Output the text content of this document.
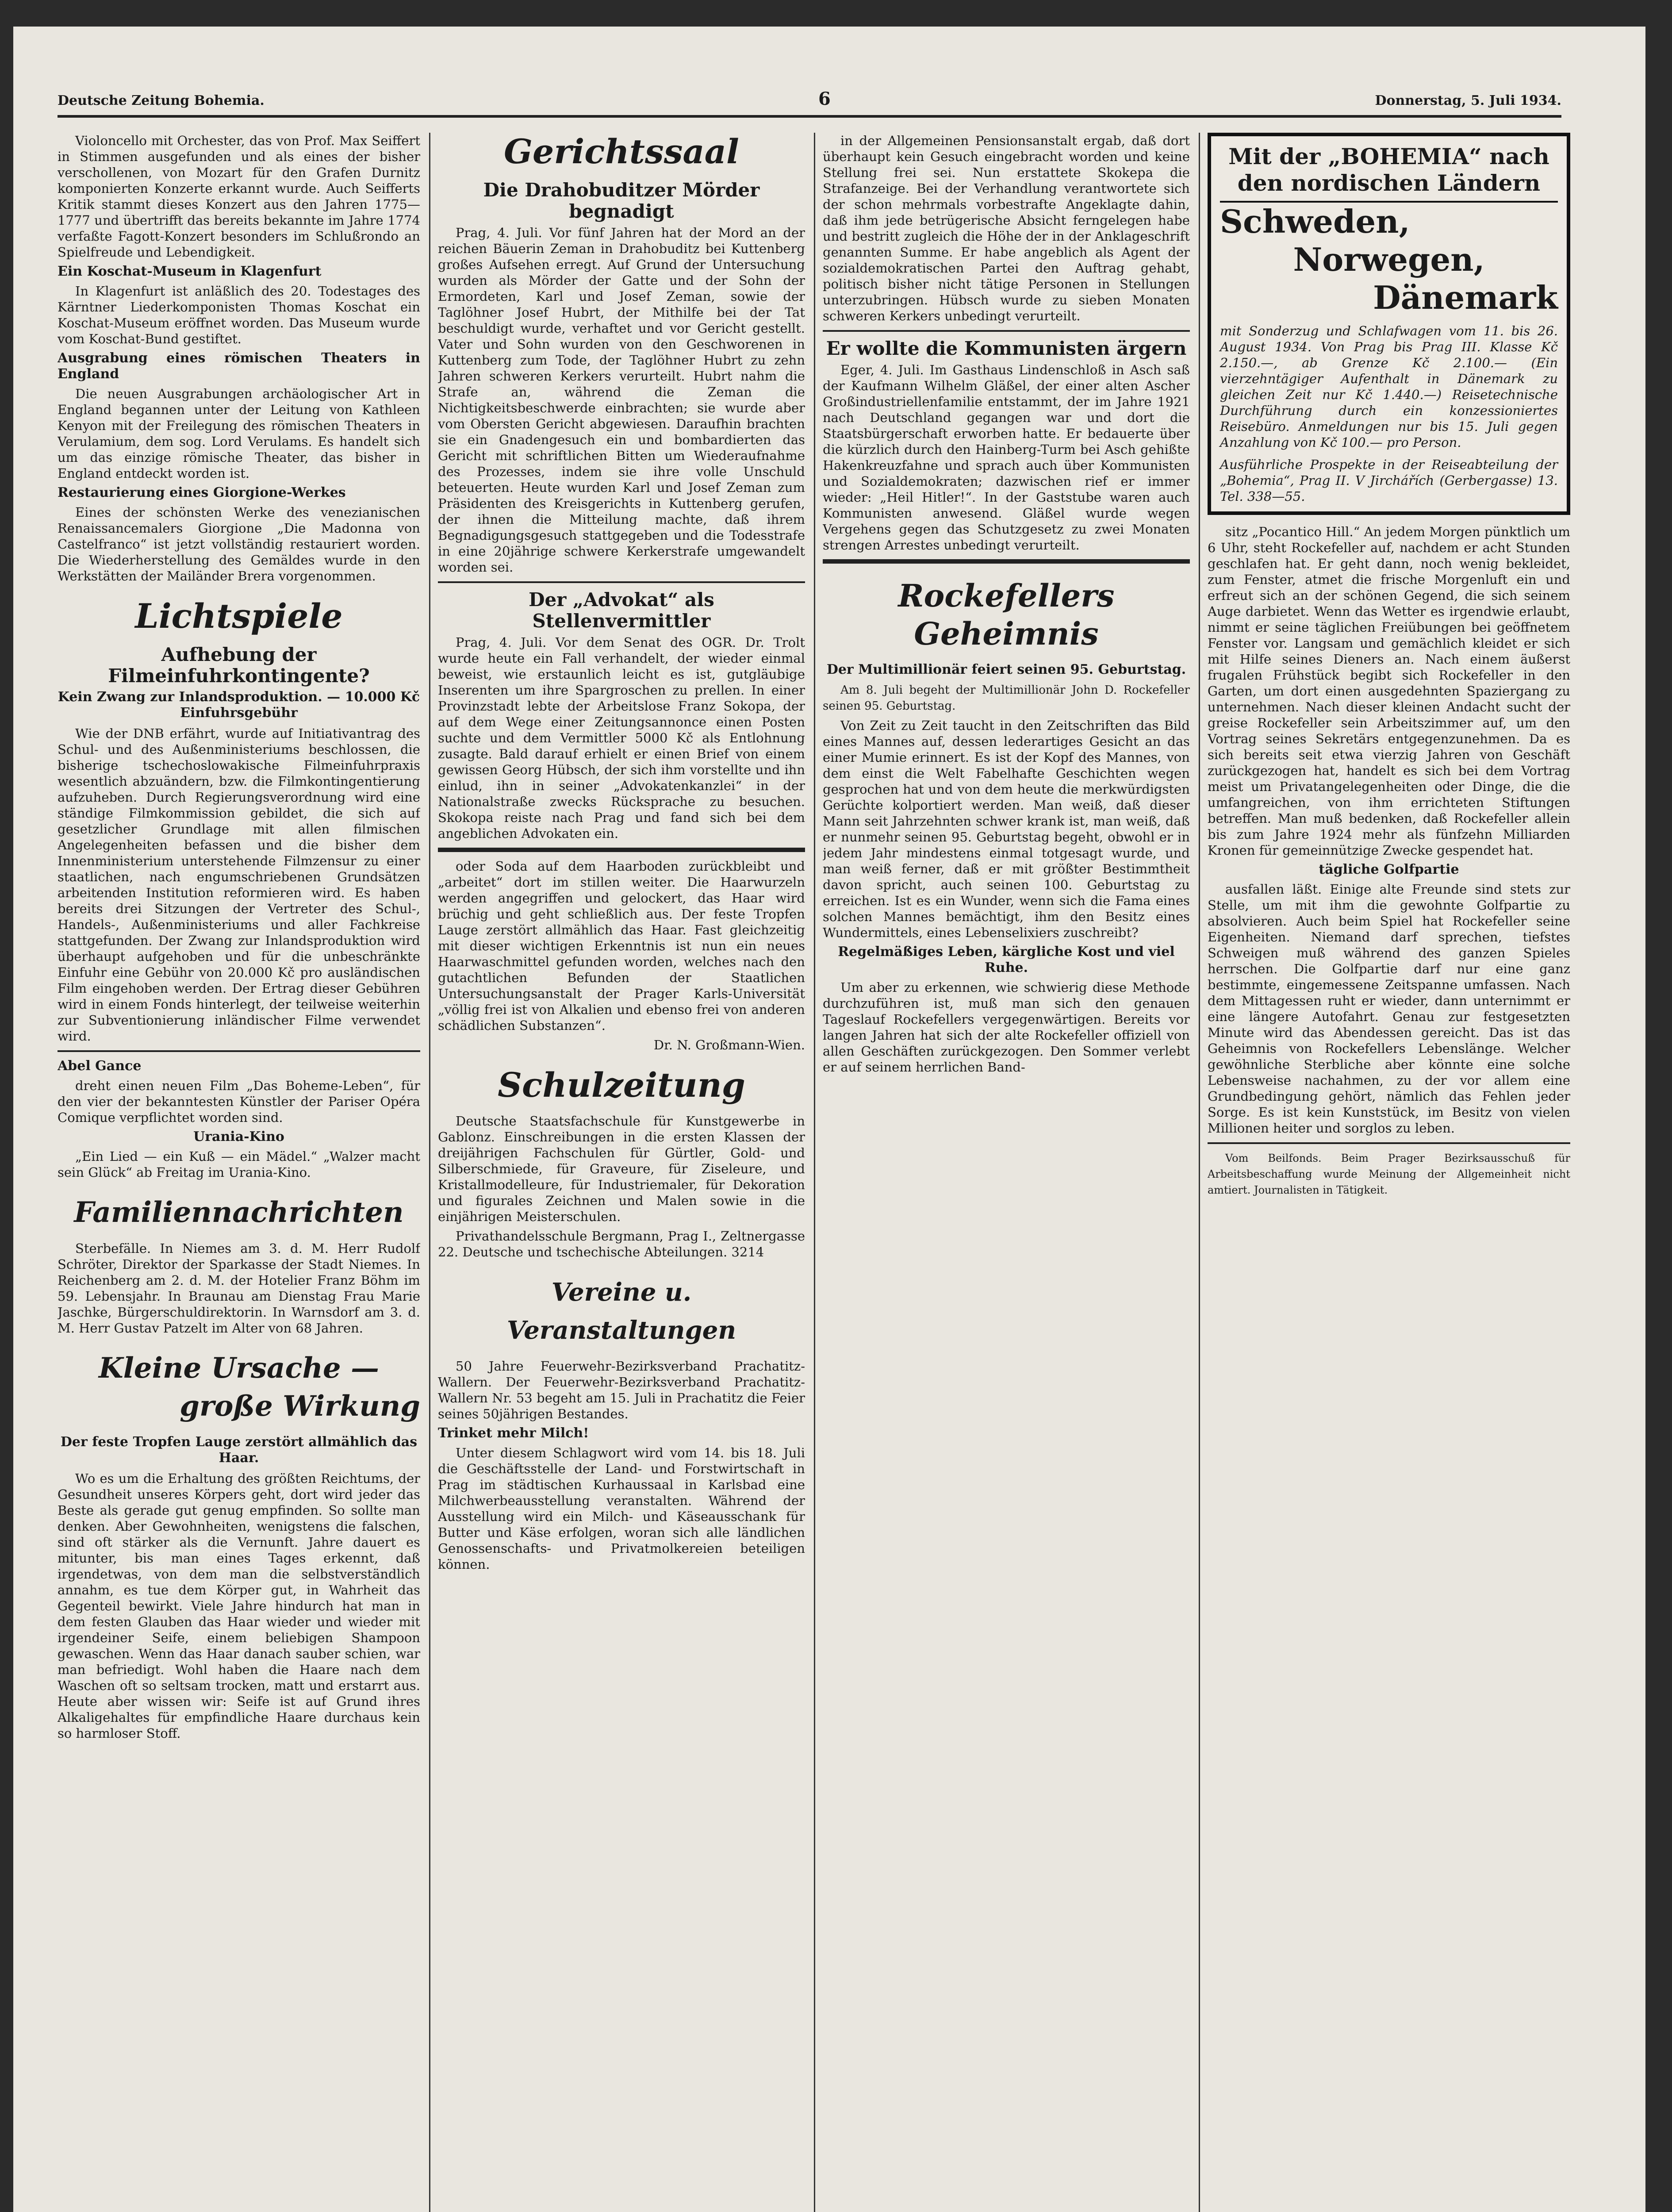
Deutsche Zeitung Bohemia.	6	Donnerstag, 5. Juli 1934.

Violoncello mit Orchester, das von Prof. Max Seiffert in Stimmen ausgefunden und als eines der bisher verschollenen, von Mozart für den Grafen Durnitz komponierten Konzerte erkannt wurde. Auch Seifferts Kritik stammt dieses Konzert aus den Jahren 1775—1777 und übertrifft das bereits bekannte im Jahre 1774 verfaßte Fagott-Konzert besonders im Schlußrondo an Spielfreude und Lebendigkeit.

Ein Koschat-Museum in Klagenfurt

In Klagenfurt ist anläßlich des 20. Todestages des Kärntner Liederkomponisten Thomas Koschat ein Koschat-Museum eröffnet worden. Das Museum wurde vom Koschat-Bund gestiftet.

Ausgrabung eines römischen Theaters in England

Die neuen Ausgrabungen archäologischer Art in England begannen unter der Leitung von Kathleen Kenyon mit der Freilegung des römischen Theaters in Verulamium, dem sog. Lord Verulams. Es handelt sich um das einzige römische Theater, das bisher in England entdeckt worden ist.

Restaurierung eines Giorgione-Werkes

Eines der schönsten Werke des venezianischen Renaissancemalers Giorgione „Die Madonna von Castelfranco“ ist jetzt vollständig restauriert worden. Die Wiederherstellung des Gemäldes wurde in den Werkstätten der Mailänder Brera vorgenommen.

Lichtspiele
Aufhebung der Filmeinfuhrkontingente?
Kein Zwang zur Inlandsproduktion. — 10.000 Kč Einfuhrsgebühr

Wie der DNB erfährt, wurde auf Initiativantrag des Schul- und des Außenministeriums beschlossen, die bisherige tschechoslowakische Filmeinfuhrpraxis wesentlich abzuändern, bzw. die Filmkontingentierung aufzuheben. Durch Regierungsverordnung wird eine ständige Filmkommission gebildet, die sich auf gesetzlicher Grundlage mit allen filmischen Angelegenheiten befassen und die bisher dem Innenministerium unterstehende Filmzensur zu einer staatlichen, nach engumschriebenen Grundsätzen arbeitenden Institution reformieren wird. Es haben bereits drei Sitzungen der Vertreter des Schul-, Handels-, Außenministeriums und aller Fachkreise stattgefunden. Der Zwang zur Inlandsproduktion wird überhaupt aufgehoben und für die unbeschränkte Einfuhr eine Gebühr von 20.000 Kč pro ausländischen Film eingehoben werden. Der Ertrag dieser Gebühren wird in einem Fonds hinterlegt, der teilweise weiterhin zur Subventionierung inländischer Filme verwendet wird.

Abel Gance

dreht einen neuen Film „Das Boheme-Leben“, für den vier der bekanntesten Künstler der Pariser Opéra Comique verpflichtet worden sind.

Urania-Kino

„Ein Lied — ein Kuß — ein Mädel.“ „Walzer macht sein Glück“ ab Freitag im Urania-Kino.

Familiennachrichten

Sterbefälle. In Niemes am 3. d. M. Herr Rudolf Schröter, Direktor der Sparkasse der Stadt Niemes. In Reichenberg am 2. d. M. der Hotelier Franz Böhm im 59. Lebensjahr. In Braunau am Dienstag Frau Marie Jaschke, Bürgerschuldirektorin. In Warnsdorf am 3. d. M. Herr Gustav Patzelt im Alter von 68 Jahren.

Kleine Ursache —
große Wirkung
Der feste Tropfen Lauge zerstört allmählich das Haar.

Wo es um die Erhaltung des größten Reichtums, der Gesundheit unseres Körpers geht, dort wird jeder das Beste als gerade gut genug empfinden. So sollte man denken. Aber Gewohnheiten, wenigstens die falschen, sind oft stärker als die Vernunft. Jahre dauert es mitunter, bis man eines Tages erkennt, daß irgendetwas, von dem man die selbstverständlich annahm, es tue dem Körper gut, in Wahrheit das Gegenteil bewirkt. Viele Jahre hindurch hat man in dem festen Glauben das Haar wieder und wieder mit irgendeiner Seife, einem beliebigen Shampoon gewaschen. Wenn das Haar danach sauber schien, war man befriedigt. Wohl haben die Haare nach dem Waschen oft so seltsam trocken, matt und erstarrt aus. Heute aber wissen wir: Seife ist auf Grund ihres Alkaligehaltes für empfindliche Haare durchaus kein so harmloser Stoff.

Gerichtssaal
Die Drahobuditzer Mörder begnadigt

Prag, 4. Juli. Vor fünf Jahren hat der Mord an der reichen Bäuerin Zeman in Drahobuditz bei Kuttenberg großes Aufsehen erregt. Auf Grund der Untersuchung wurden als Mörder der Gatte und der Sohn der Ermordeten, Karl und Josef Zeman, sowie der Taglöhner Josef Hubrt, der Mithilfe bei der Tat beschuldigt wurde, verhaftet und vor Gericht gestellt. Vater und Sohn wurden von den Geschworenen in Kuttenberg zum Tode, der Taglöhner Hubrt zu zehn Jahren schweren Kerkers verurteilt. Hubrt nahm die Strafe an, während die Zeman die Nichtigkeitsbeschwerde einbrachten; sie wurde aber vom Obersten Gericht abgewiesen. Daraufhin brachten sie ein Gnadengesuch ein und bombardierten das Gericht mit schriftlichen Bitten um Wiederaufnahme des Prozesses, indem sie ihre volle Unschuld beteuerten. Heute wurden Karl und Josef Zeman zum Präsidenten des Kreisgerichts in Kuttenberg gerufen, der ihnen die Mitteilung machte, daß ihrem Begnadigungsgesuch stattgegeben und die Todesstrafe in eine 20jährige schwere Kerkerstrafe umgewandelt worden sei.

Der „Advokat“ als Stellenvermittler

Prag, 4. Juli. Vor dem Senat des OGR. Dr. Trolt wurde heute ein Fall verhandelt, der wieder einmal beweist, wie erstaunlich leicht es ist, gutgläubige Inserenten um ihre Spargroschen zu prellen. In einer Provinzstadt lebte der Arbeitslose Franz Sokopa, der auf dem Wege einer Zeitungsannonce einen Posten suchte und dem Vermittler 5000 Kč als Entlohnung zusagte. Bald darauf erhielt er einen Brief von einem gewissen Georg Hübsch, der sich ihm vorstellte und ihn einlud, ihn in seiner „Advokatenkanzlei“ in der Nationalstraße zwecks Rücksprache zu besuchen. Skokopa reiste nach Prag und fand sich bei dem angeblichen Advokaten ein.

oder Soda auf dem Haarboden zurückbleibt und „arbeitet“ dort im stillen weiter. Die Haarwurzeln werden angegriffen und gelockert, das Haar wird brüchig und geht schließlich aus. Der feste Tropfen Lauge zerstört allmählich das Haar. Fast gleichzeitig mit dieser wichtigen Erkenntnis ist nun ein neues Haarwaschmittel gefunden worden, welches nach den gutachtlichen Befunden der Staatlichen Untersuchungsanstalt der Prager Karls-Universität „völlig frei ist von Alkalien und ebenso frei von anderen schädlichen Substanzen“.

Dr. N. Großmann-Wien.

Schulzeitung

Deutsche Staatsfachschule für Kunstgewerbe in Gablonz. Einschreibungen in die ersten Klassen der dreijährigen Fachschulen für Gürtler, Gold- und Silberschmiede, für Graveure, für Ziseleure, und Kristallmodelleure, für Industriemaler, für Dekoration und figurales Zeichnen und Malen sowie in die einjährigen Meisterschulen.

Privathandelsschule Bergmann, Prag I., Zeltnergasse 22. Deutsche und tschechische Abteilungen. 3214

Vereine u. Veranstaltungen

50 Jahre Feuerwehr-Bezirksverband Prachatitz-Wallern. Der Feuerwehr-Bezirksverband Prachatitz-Wallern Nr. 53 begeht am 15. Juli in Prachatitz die Feier seines 50jährigen Bestandes.

Trinket mehr Milch!

Unter diesem Schlagwort wird vom 14. bis 18. Juli die Geschäftsstelle der Land- und Forstwirtschaft in Prag im städtischen Kurhaussaal in Karlsbad eine Milchwerbeausstellung veranstalten. Während der Ausstellung wird ein Milch- und Käseausschank für Butter und Käse erfolgen, woran sich alle ländlichen Genossenschafts- und Privatmolkereien beteiligen können.

in der Allgemeinen Pensionsanstalt ergab, daß dort überhaupt kein Gesuch eingebracht worden und keine Stellung frei sei. Nun erstattete Skokepa die Strafanzeige. Bei der Verhandlung verantwortete sich der schon mehrmals vorbestrafte Angeklagte dahin, daß ihm jede betrügerische Absicht ferngelegen habe und bestritt zugleich die Höhe der in der Anklageschrift genannten Summe. Er habe angeblich als Agent der sozialdemokratischen Partei den Auftrag gehabt, politisch bisher nicht tätige Personen in Stellungen unterzubringen. Hübsch wurde zu sieben Monaten schweren Kerkers unbedingt verurteilt.

Er wollte die Kommunisten ärgern

Eger, 4. Juli. Im Gasthaus Lindenschloß in Asch saß der Kaufmann Wilhelm Gläßel, der einer alten Ascher Großindustriellenfamilie entstammt, der im Jahre 1921 nach Deutschland gegangen war und dort die Staatsbürgerschaft erworben hatte. Er bedauerte über die kürzlich durch den Hainberg-Turm bei Asch gehißte Hakenkreuzfahne und sprach auch über Kommunisten und Sozialdemokraten; dazwischen rief er immer wieder: „Heil Hitler!“. In der Gaststube waren auch Kommunisten anwesend. Gläßel wurde wegen Vergehens gegen das Schutzgesetz zu zwei Monaten strengen Arrestes unbedingt verurteilt.

Rockefellers Geheimnis
Der Multimillionär feiert seinen 95. Geburtstag.

Am 8. Juli begeht der Multimillionär John D. Rockefeller seinen 95. Geburtstag.

Von Zeit zu Zeit taucht in den Zeitschriften das Bild eines Mannes auf, dessen lederartiges Gesicht an das einer Mumie erinnert. Es ist der Kopf des Mannes, von dem einst die Welt Fabelhafte Geschichten wegen gesprochen hat und von dem heute die merkwürdigsten Gerüchte kolportiert werden. Man weiß, daß dieser Mann seit Jahrzehnten schwer krank ist, man weiß, daß er nunmehr seinen 95. Geburtstag begeht, obwohl er in jedem Jahr mindestens einmal totgesagt wurde, und man weiß ferner, daß er mit größter Bestimmtheit davon spricht, auch seinen 100. Geburtstag zu erreichen. Ist es ein Wunder, wenn sich die Fama eines solchen Mannes bemächtigt, ihm den Besitz eines Wundermittels, eines Lebenselixiers zuschreibt?

Regelmäßiges Leben, kärgliche Kost und viel Ruhe.

Um aber zu erkennen, wie schwierig diese Methode durchzuführen ist, muß man sich den genauen Tageslauf Rockefellers vergegenwärtigen. Bereits vor langen Jahren hat sich der alte Rockefeller offiziell von allen Geschäften zurückgezogen. Den Sommer verlebt er auf seinem herrlichen Band-

Mit der „BOHEMIA“ nach den nordischen Ländern
Schweden,
Norwegen,
Dänemark
mit Sonderzug und Schlafwagen vom 11. bis 26. August 1934. Von Prag bis Prag III. Klasse Kč 2.150.—, ab Grenze Kč 2.100.— (Ein vierzehntägiger Aufenthalt in Dänemark zu gleichen Zeit nur Kč 1.440.—) Reisetechnische Durchführung durch ein konzessioniertes Reisebüro. Anmeldungen nur bis 15. Juli gegen Anzahlung von Kč 100.— pro Person.
Ausführliche Prospekte in der Reiseabteilung der „Bohemia“, Prag II. V Jirchářích (Gerbergasse) 13. Tel. 338—55.

sitz „Pocantico Hill.“ An jedem Morgen pünktlich um 6 Uhr, steht Rockefeller auf, nachdem er acht Stunden geschlafen hat. Er geht dann, noch wenig bekleidet, zum Fenster, atmet die frische Morgenluft ein und erfreut sich an der schönen Gegend, die sich seinem Auge darbietet. Wenn das Wetter es irgendwie erlaubt, nimmt er seine täglichen Freiübungen bei geöffnetem Fenster vor. Langsam und gemächlich kleidet er sich mit Hilfe seines Dieners an. Nach einem äußerst frugalen Frühstück begibt sich Rockefeller in den Garten, um dort einen ausgedehnten Spaziergang zu unternehmen. Nach dieser kleinen Andacht sucht der greise Rockefeller sein Arbeitszimmer auf, um den Vortrag seines Sekretärs entgegenzunehmen. Da es sich bereits seit etwa vierzig Jahren von Geschäft zurückgezogen hat, handelt es sich bei dem Vortrag meist um Privatangelegenheiten oder Dinge, die die umfangreichen, von ihm errichteten Stiftungen betreffen. Man muß bedenken, daß Rockefeller allein bis zum Jahre 1924 mehr als fünfzehn Milliarden Kronen für gemeinnützige Zwecke gespendet hat.

tägliche Golfpartie

ausfallen läßt. Einige alte Freunde sind stets zur Stelle, um mit ihm die gewohnte Golfpartie zu absolvieren. Auch beim Spiel hat Rockefeller seine Eigenheiten. Niemand darf sprechen, tiefstes Schweigen muß während des ganzen Spieles herrschen. Die Golfpartie darf nur eine ganz bestimmte, eingemessene Zeitspanne umfassen. Nach dem Mittagessen ruht er wieder, dann unternimmt er eine längere Autofahrt. Genau zur festgesetzten Minute wird das Abendessen gereicht. Das ist das Geheimnis von Rockefellers Lebenslänge. Welcher gewöhnliche Sterbliche aber könnte eine solche Lebensweise nachahmen, zu der vor allem eine Grundbedingung gehört, nämlich das Fehlen jeder Sorge. Es ist kein Kunststück, im Besitz von vielen Millionen heiter und sorglos zu leben.

Vom Beilfonds. Beim Prager Bezirksausschuß für Arbeitsbeschaffung wurde Meinung der Allgemeinheit nicht amtiert. Journalisten in Tätigkeit.
